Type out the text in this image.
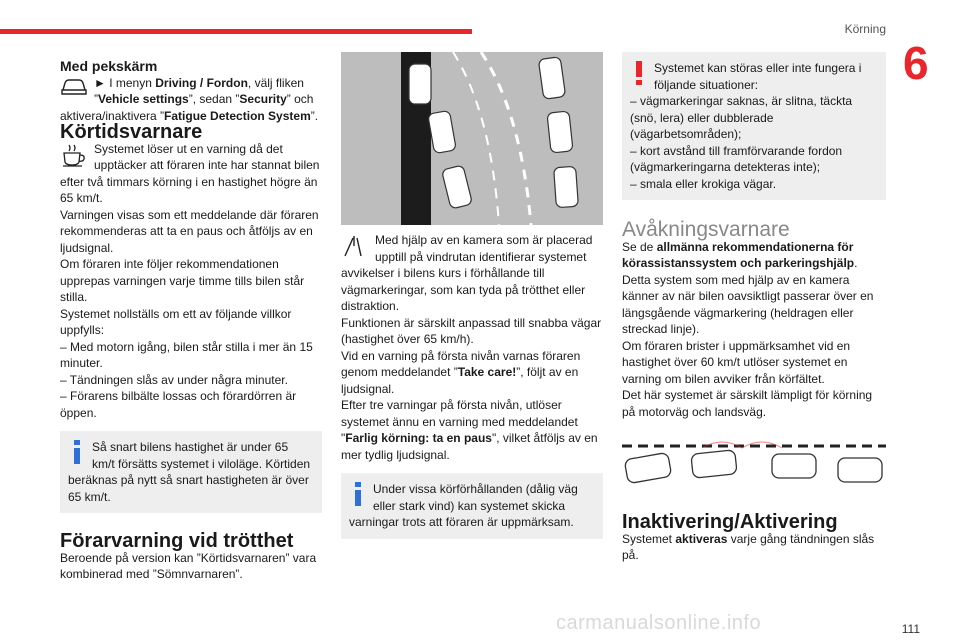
Körning
6

Med pekskärm

► I menyn Driving / Fordon, välj fliken ”Vehicle settings”, sedan ”Security” och aktivera/inaktivera ”Fatigue Detection System”.

Körtidsvarnare

Systemet löser ut en varning då det upptäcker att föraren inte har stannat bilen efter två timmars körning i en hastighet högre än 65 km/t.

Varningen visas som ett meddelande där föraren rekommenderas att ta en paus och åtföljs av en ljudsignal.

Om föraren inte följer rekommendationen upprepas varningen varje timme tills bilen står stilla.

Systemet nollställs om ett av följande villkor uppfylls:

– Med motorn igång, bilen står stilla i mer än 15 minuter.

– Tändningen slås av under några minuter.

– Förarens bilbälte lossas och förardörren är öppen.

Så snart bilens hastighet är under 65 km/t försätts systemet i viloläge. Körtiden beräknas på nytt så snart hastigheten är över 65 km/t.

Förarvarning vid trötthet

Beroende på version kan ”Körtidsvarnaren” vara kombinerad med ”Sömnvarnaren”.

Med hjälp av en kamera som är placerad upptill på vindrutan identifierar systemet avvikelser i bilens kurs i förhållande till vägmarkeringar, som kan tyda på trötthet eller distraktion.

Funktionen är särskilt anpassad till snabba vägar (hastighet över 65 km/h).

Vid en varning på första nivån varnas föraren genom meddelandet ”Take care!”, följt av en ljudsignal.

Efter tre varningar på första nivån, utlöser systemet ännu en varning med meddelandet "Farlig körning: ta en paus", vilket åtföljs av en mer tydlig ljudsignal.

Under vissa körförhållanden (dålig väg eller stark vind) kan systemet skicka varningar trots att föraren är uppmärksam.

Systemet kan störas eller inte fungera i följande situationer:

– vägmarkeringar saknas, är slitna, täckta (snö, lera) eller dubblerade (vägarbetsområden);

– kort avstånd till framförvarande fordon (vägmarkeringarna detekteras inte);

– smala eller krokiga vägar.

Avåkningsvarnare

Se de allmänna rekommendationerna för körassistanssystem och parkeringshjälp.

Detta system som med hjälp av en kamera känner av när bilen oavsiktligt passerar över en längsgående vägmarkering (heldragen eller streckad linje).

Om föraren brister i uppmärksamhet vid en hastighet över 60 km/t utlöser systemet en varning om bilen avviker från körfältet.

Det här systemet är särskilt lämpligt för körning på motorväg och landsväg.

Inaktivering/Aktivering

Systemet aktiveras varje gång tändningen slås på.

carmanualsonline.info	111
